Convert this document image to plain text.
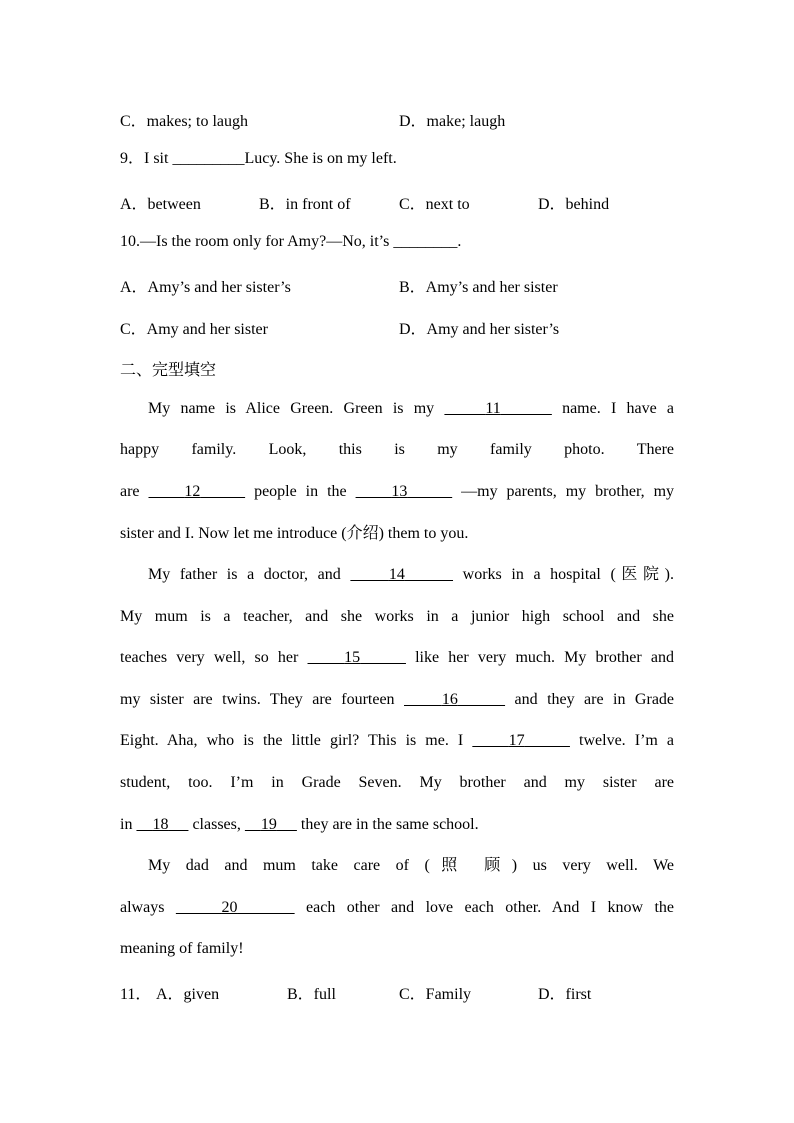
C．makes; to laugh	D．make; laugh
9．I sit _________Lucy. She is on my left.
A．between	B．in front of	C．next to	D．behind
10.—Is the room only for Amy?—No, it’s ________.
A．Amy’s and her sister’s	B．Amy’s and her sister
C．Amy and her sister	D．Amy and her sister’s
二、完型填空
My name is Alice Green. Green is my	11	name. I have a
happy family. Look, this is my family photo. There
are     12	people in the     13	—my parents, my brother, my
sister and I. Now let me introduce (介绍) them to you.
My father is a doctor, and     14	works in a hospital (医院).
My mum is a teacher, and she works in a junior high school and she
teaches very well, so her     15	like her very much. My brother and
my sister are twins. They are fourteen     16	and they are in Grade
Eight. Aha, who is the little girl? This is me. I     17	twelve. I’m a
student, too. I’m in Grade Seven. My brother and my sister are
in     18      classes,     19      they are in the same school.
My dad and mum take care of (照 顾) us very well. We
always	20	each other and love each other. And I know the
meaning of family!
11． A．given	B．full	C．Family	D．first
